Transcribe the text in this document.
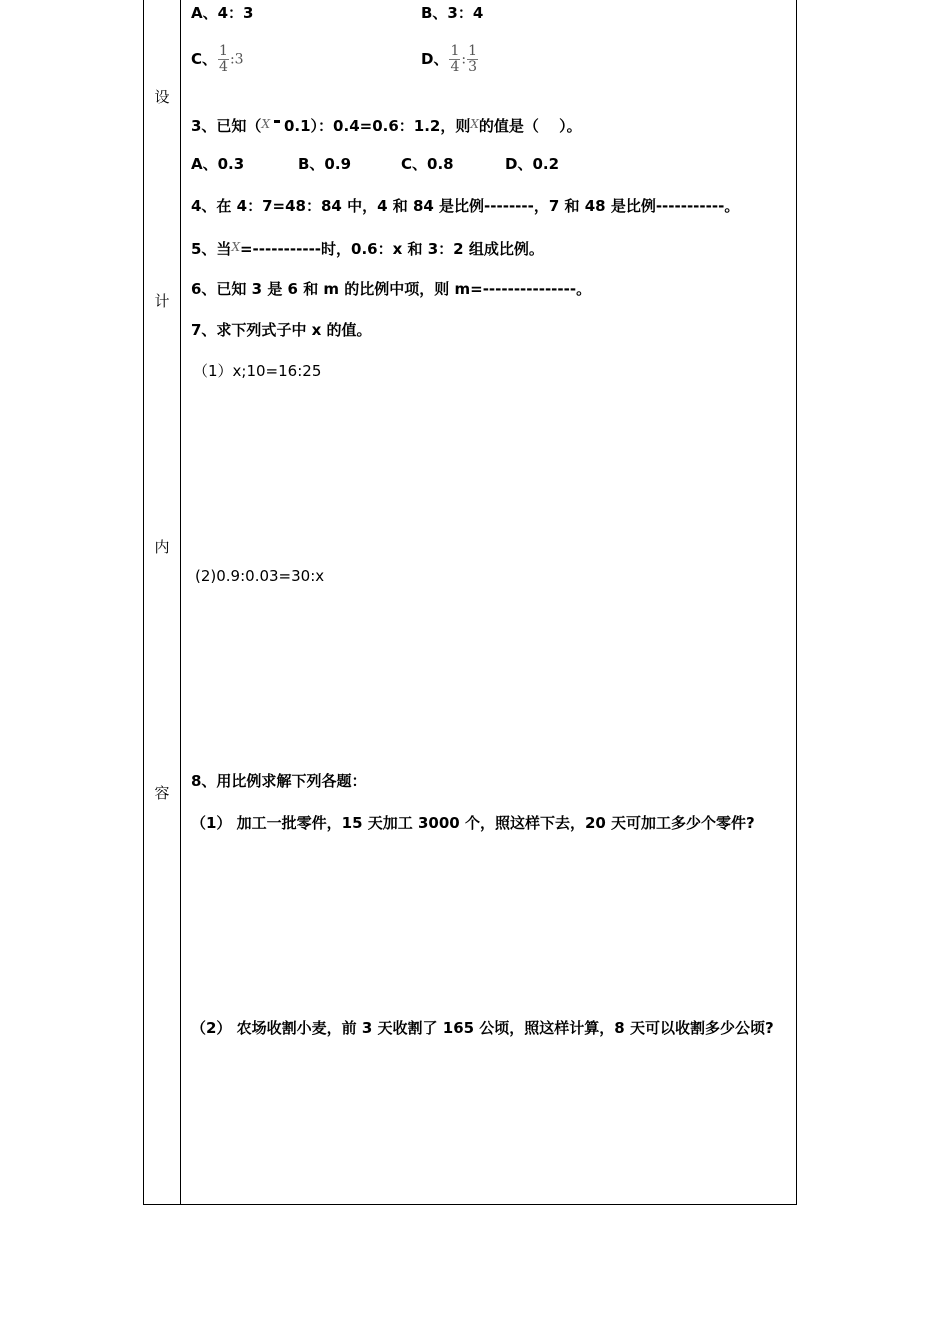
设
计
内
容
A、4：3	B、3：4
C、 $\frac{1}{4}$ :3	D、 $\frac{1}{4}$ : $\frac{1}{3}$
3、已知（$^X$ 0.1）：0.4=0.6：1.2，则$^X$的值是（　 ）。
A、0.3	B、0.9	C、0.8	D、0.2
4、在 4：7=48：84 中，4 和 84 是比例--------，7 和 48 是比例-----------。
5、当$^X$=-----------时，0.6：x 和 3：2 组成比例。
6、已知 3 是 6 和 m 的比例中项，则 m=---------------。
7、求下列式子中 x 的值。
（1）x;10=16:25
(2)0.9:0.03=30:x
8、用比例求解下列各题：
（1） 加工一批零件，15 天加工 3000 个，照这样下去，20 天可加工多少个零件?
（2） 农场收割小麦，前 3 天收割了 165 公顷，照这样计算，8 天可以收割多少公顷?
